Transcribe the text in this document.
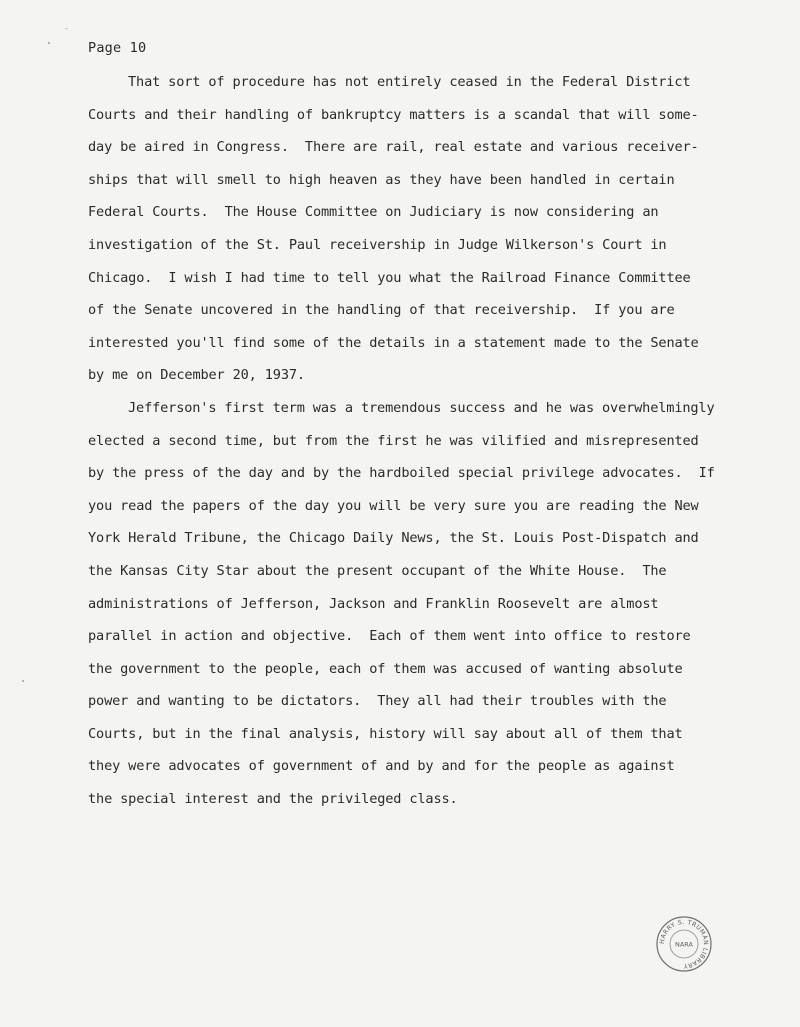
Page 10
That sort of procedure has not entirely ceased in the Federal District
Courts and their handling of bankruptcy matters is a scandal that will some-
day be aired in Congress.  There are rail, real estate and various receiver-
ships that will smell to high heaven as they have been handled in certain
Federal Courts.  The House Committee on Judiciary is now considering an
investigation of the St. Paul receivership in Judge Wilkerson's Court in
Chicago.  I wish I had time to tell you what the Railroad Finance Committee
of the Senate uncovered in the handling of that receivership.  If you are
interested you'll find some of the details in a statement made to the Senate
by me on December 20, 1937.
Jefferson's first term was a tremendous success and he was overwhelmingly
elected a second time, but from the first he was vilified and misrepresented
by the press of the day and by the hardboiled special privilege advocates.  If
you read the papers of the day you will be very sure you are reading the New
York Herald Tribune, the Chicago Daily News, the St. Louis Post-Dispatch and
the Kansas City Star about the present occupant of the White House.  The
administrations of Jefferson, Jackson and Franklin Roosevelt are almost
parallel in action and objective.  Each of them went into office to restore
the government to the people, each of them was accused of wanting absolute
power and wanting to be dictators.  They all had their troubles with the
Courts, but in the final analysis, history will say about all of them that
they were advocates of government of and by and for the people as against
the special interest and the privileged class.
HARRY S. TRUMAN LIBRARY
NARA
